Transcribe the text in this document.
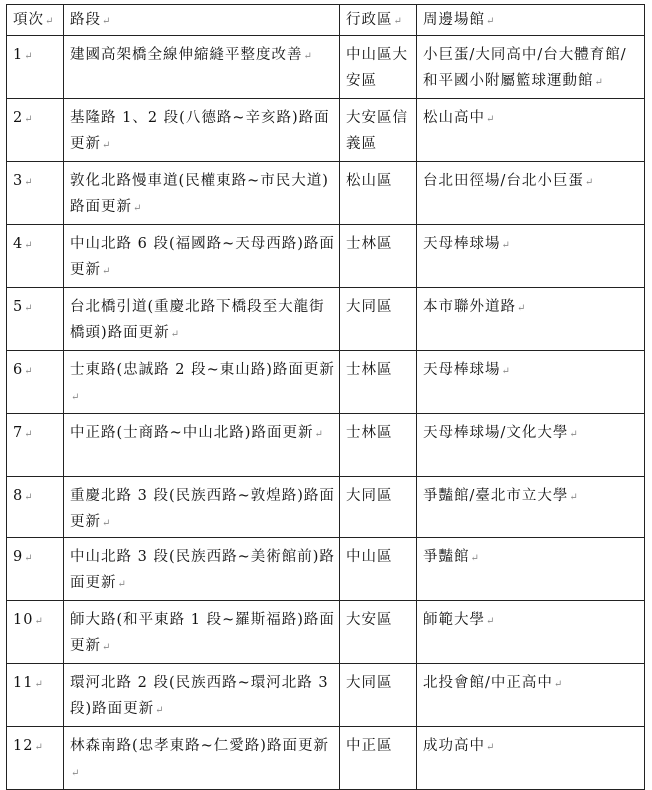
項次↵	路段↵	行政區↵	周邊場館↵
1↵	建國高架橋全線伸縮縫平整度改善↵	中山區大安區	小巨蛋/大同高中/台大體育館/和平國小附屬籃球運動館↵
2↵	基隆路 1、2 段(八德路~辛亥路)路面更新↵	大安區信義區	松山高中↵
3↵	敦化北路慢車道(民權東路~市民大道)路面更新↵	松山區	台北田徑場/台北小巨蛋↵
4↵	中山北路 6 段(福國路~天母西路)路面更新↵	士林區	天母棒球場↵
5↵	台北橋引道(重慶北路下橋段至大龍街橋頭)路面更新↵	大同區	本市聯外道路↵
6↵	士東路(忠誠路 2 段~東山路)路面更新↵	士林區	天母棒球場↵
7↵	中正路(士商路~中山北路)路面更新↵	士林區	天母棒球場/文化大學↵
8↵	重慶北路 3 段(民族西路~敦煌路)路面更新↵	大同區	爭豔館/臺北市立大學↵
9↵	中山北路 3 段(民族西路~美術館前)路面更新↵	中山區	爭豔館↵
10↵	師大路(和平東路 1 段~羅斯福路)路面更新↵	大安區	師範大學↵
11↵	環河北路 2 段(民族西路~環河北路 3 段)路面更新↵	大同區	北投會館/中正高中↵
12↵	林森南路(忠孝東路~仁愛路)路面更新↵	中正區	成功高中↵
